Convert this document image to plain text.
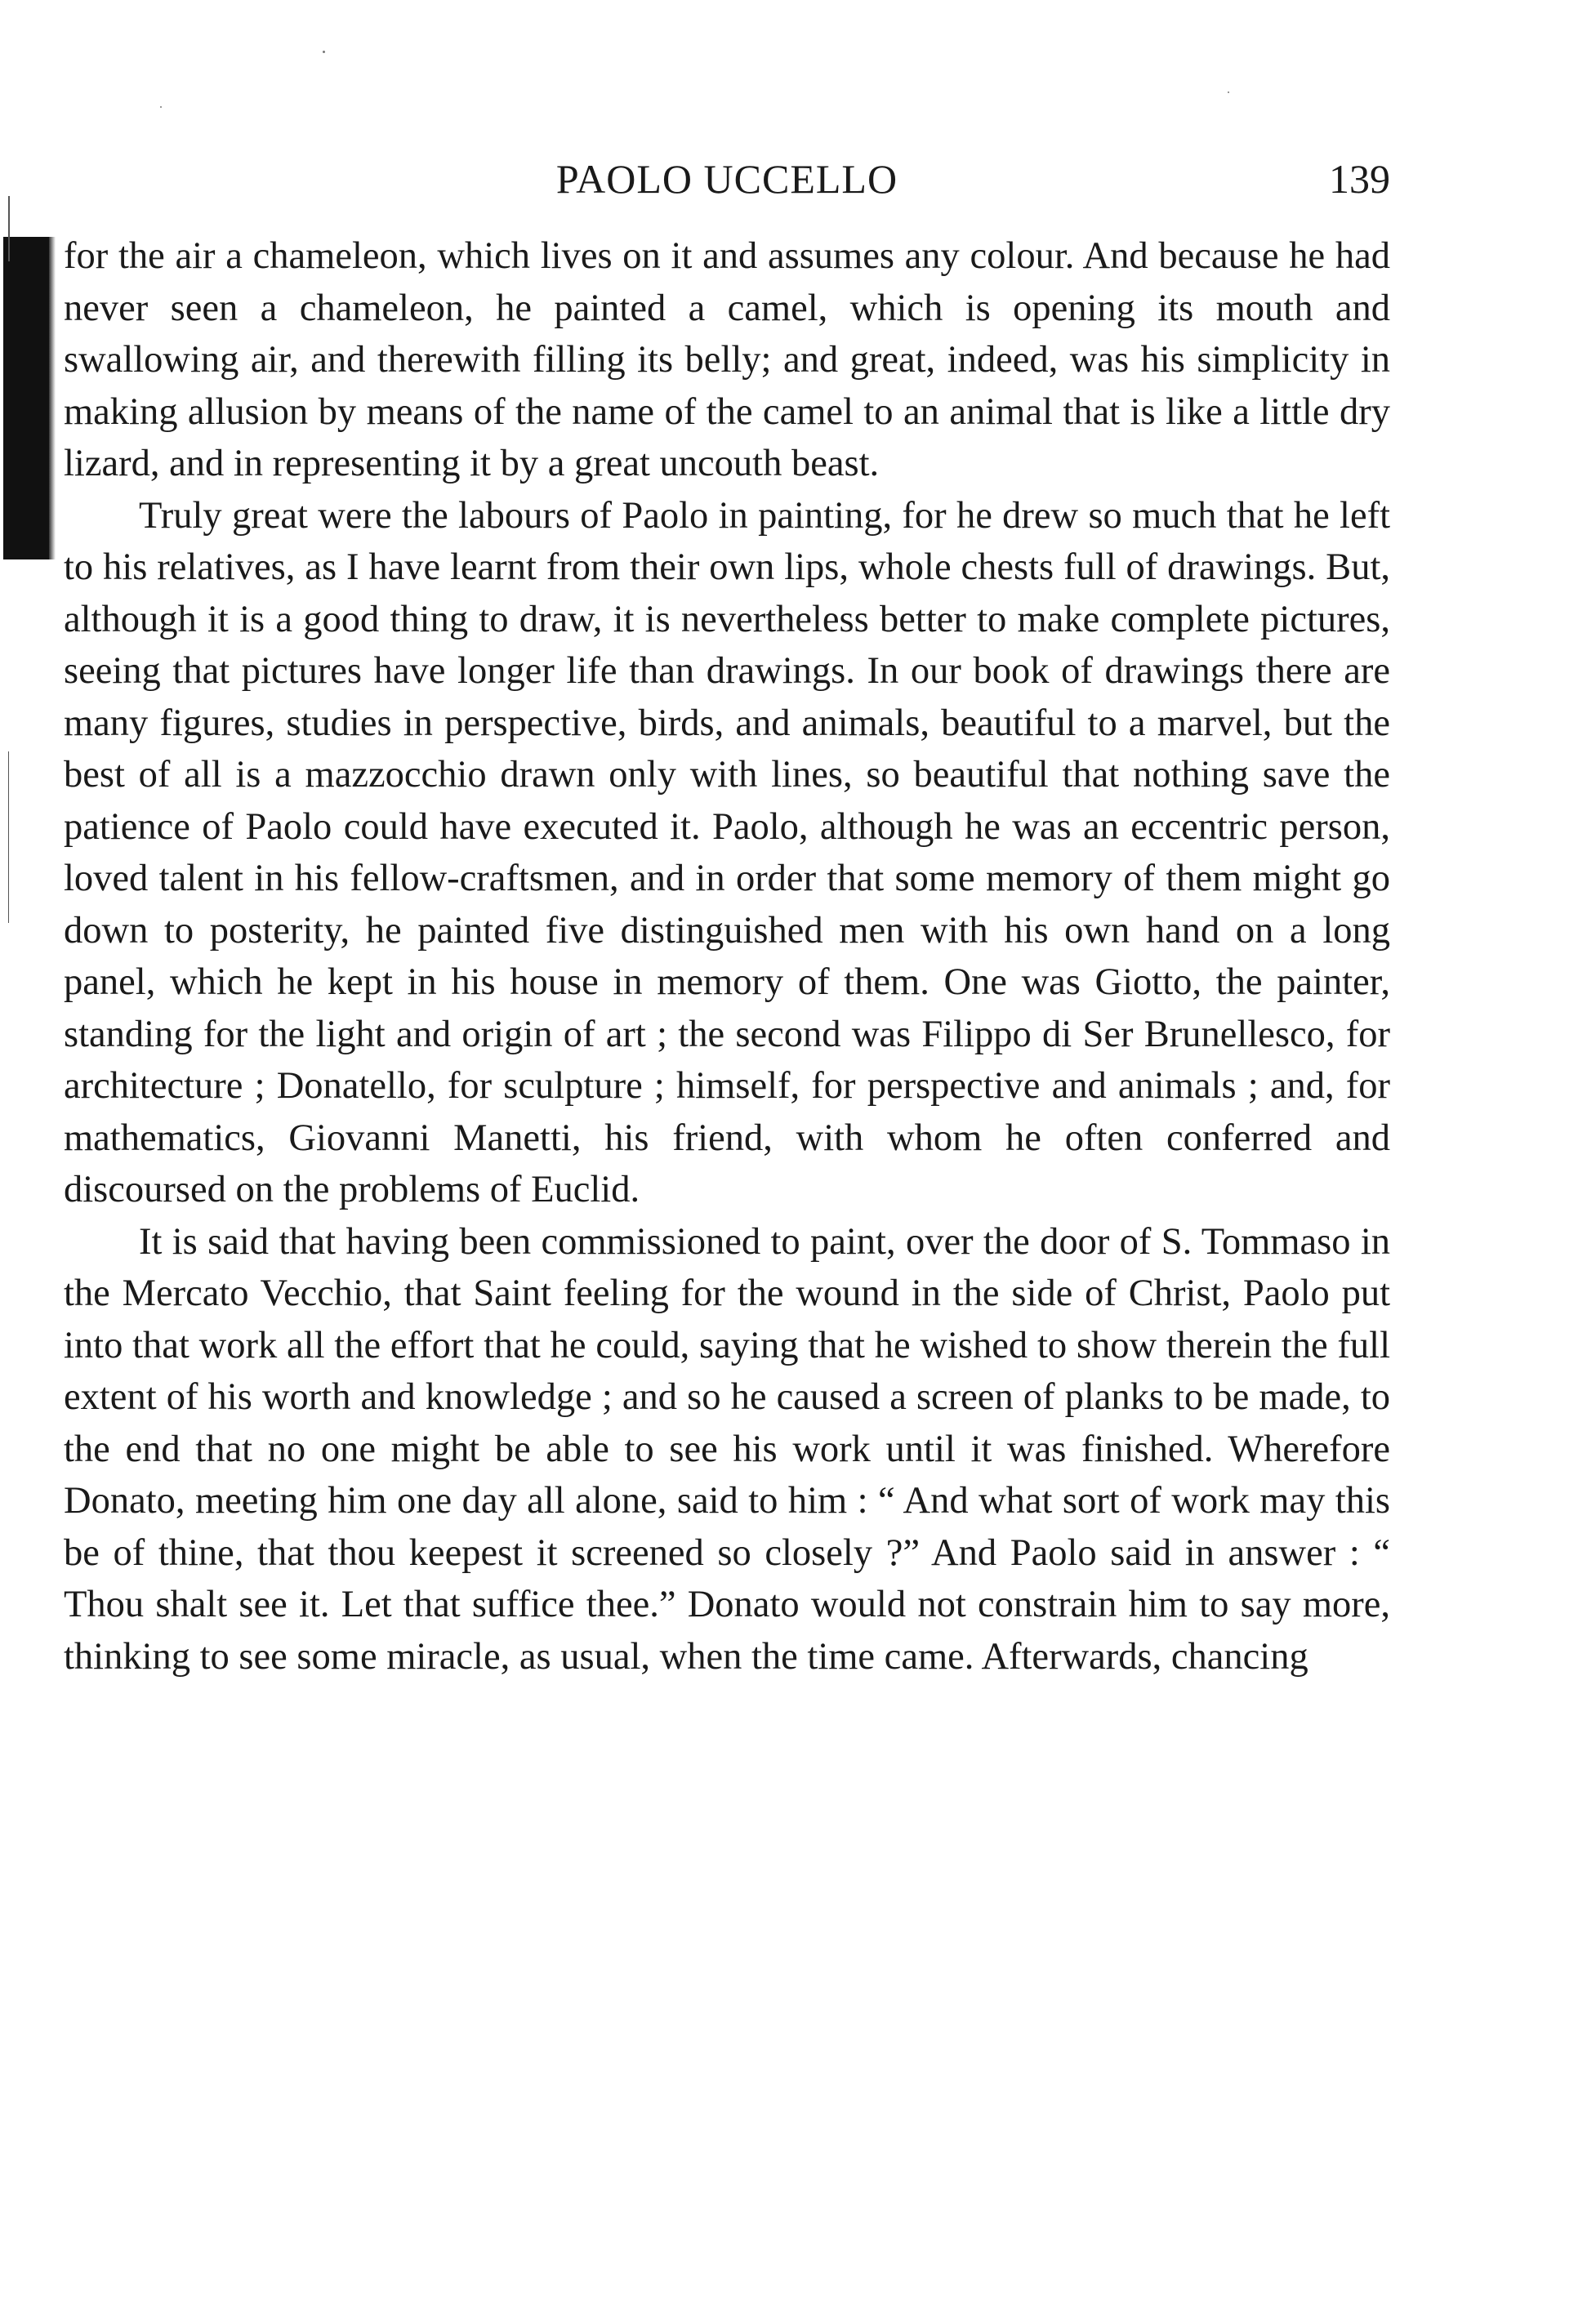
PAOLO UCCELLO	139

for the air a chameleon, which lives on it and assumes any colour. And because he had never seen a chameleon, he painted a camel, which is opening its mouth and swallowing air, and therewith filling its belly; and great, indeed, was his simplicity in making allusion by means of the name of the camel to an animal that is like a little dry lizard, and in representing it by a great uncouth beast.

Truly great were the labours of Paolo in painting, for he drew so much that he left to his relatives, as I have learnt from their own lips, whole chests full of drawings. But, although it is a good thing to draw, it is nevertheless better to make complete pictures, seeing that pictures have longer life than drawings. In our book of drawings there are many figures, studies in perspective, birds, and animals, beautiful to a marvel, but the best of all is a mazzocchio drawn only with lines, so beautiful that nothing save the patience of Paolo could have executed it. Paolo, although he was an eccentric person, loved talent in his fellow-craftsmen, and in order that some memory of them might go down to posterity, he painted five distinguished men with his own hand on a long panel, which he kept in his house in memory of them. One was Giotto, the painter, standing for the light and origin of art ; the second was Filippo di Ser Brunellesco, for architecture ; Donatello, for sculpture ; himself, for perspective and animals ; and, for mathematics, Giovanni Manetti, his friend, with whom he often conferred and discoursed on the problems of Euclid.

It is said that having been commissioned to paint, over the door of S. Tommaso in the Mercato Vecchio, that Saint feeling for the wound in the side of Christ, Paolo put into that work all the effort that he could, saying that he wished to show therein the full extent of his worth and knowledge ; and so he caused a screen of planks to be made, to the end that no one might be able to see his work until it was finished. Wherefore Donato, meeting him one day all alone, said to him : “ And what sort of work may this be of thine, that thou keepest it screened so closely ?” And Paolo said in answer : “ Thou shalt see it. Let that suffice thee.” Donato would not constrain him to say more, thinking to see some miracle, as usual, when the time came. Afterwards, chancing
